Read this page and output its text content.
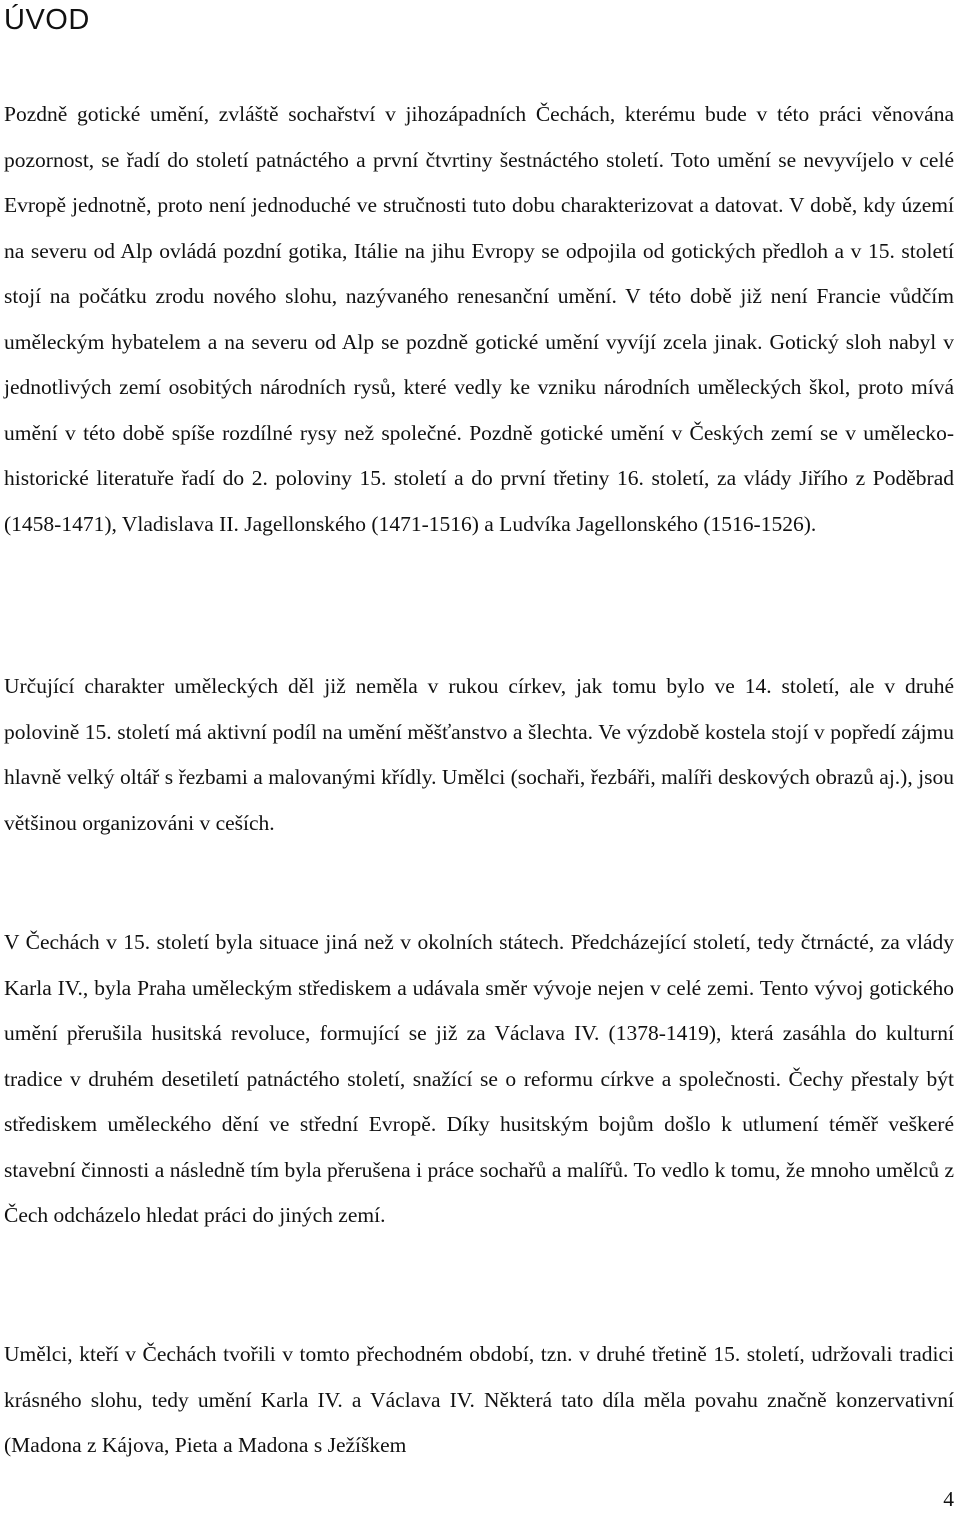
ÚVOD

Pozdně gotické umění, zvláště sochařství v jihozápadních Čechách, kterému bude v této práci věnována pozornost, se řadí do století patnáctého a první čtvrtiny šestnáctého století. Toto umění se nevyvíjelo v celé Evropě jednotně, proto není jednoduché ve stručnosti tuto dobu charakterizovat a datovat. V době, kdy území na severu od Alp ovládá pozdní gotika, Itálie na jihu Evropy se odpojila od gotických předloh a v 15. století stojí na počátku zrodu nového slohu, nazývaného renesanční umění. V této době již není Francie vůdčím uměleckým hybatelem a na severu od Alp se pozdně gotické umění vyvíjí zcela jinak. Gotický sloh nabyl v jednotlivých zemí osobitých národních rysů, které vedly ke vzniku národních uměleckých škol, proto mívá umění v této době spíše rozdílné rysy než společné. Pozdně gotické umění v Českých zemí se v umělecko-historické literatuře řadí do 2. poloviny 15. století a do první třetiny 16. století, za vlády Jiřího z Poděbrad (1458-1471), Vladislava II. Jagellonského (1471-1516) a Ludvíka Jagellonského (1516-1526).

Určující charakter uměleckých děl již neměla v rukou církev, jak tomu bylo ve 14. století, ale v druhé polovině 15. století má aktivní podíl na umění měšťanstvo a šlechta. Ve výzdobě kostela stojí v popředí zájmu hlavně velký oltář s řezbami a malovanými křídly. Umělci (sochaři, řezbáři, malíři deskových obrazů aj.), jsou většinou organizováni v ceších.

V Čechách v 15. století byla situace jiná než v okolních státech. Předcházející století, tedy čtrnácté, za vlády Karla IV., byla Praha uměleckým střediskem a udávala směr vývoje nejen v celé zemi. Tento vývoj gotického umění přerušila husitská revoluce, formující se již za Václava IV. (1378-1419), která zasáhla do kulturní tradice v druhém desetiletí patnáctého století, snažící se o reformu církve a společnosti. Čechy přestaly být střediskem uměleckého dění ve střední Evropě. Díky husitským bojům došlo k utlumení téměř veškeré stavební činnosti a následně tím byla přerušena i práce sochařů a malířů. To vedlo k tomu, že mnoho umělců z Čech odcházelo hledat práci do jiných zemí.

Umělci, kteří v Čechách tvořili v tomto přechodném období, tzn. v druhé třetině 15. století, udržovali tradici krásného slohu, tedy umění Karla IV. a Václava IV. Některá tato díla měla povahu značně konzervativní (Madona z Kájova, Pieta a Madona s Ježíškem

4
